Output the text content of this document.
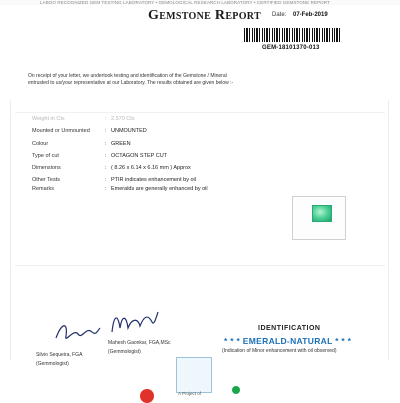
LABOO RECOGNIZED GEM TESTING LABORATORY • GEMOLOGICAL RESEARCH LABORATORY • CERTIFIED GEMSTONE REPORT
Gemstone Report Date: 07-Feb-2019
GEM-18101370-013
On receipt of your letter, we undertook testing and identification of the Gemstone / Mineral
entrusted to us/your representative at our Laboratory. The results obtained are given below :-
Weight in Cts	: 2.570 Cts
Mounted or Unmounted	: UNMOUNTED
Colour	: GREEN
Type of cut	: OCTAGON STEP CUT
Dimensions	: ( 8.26 x 6.14 x 6.16 mm ) Approx
Other Tests	: PTIR indicates enhancement by oil
Remarks	: Emeralds are generally enhanced by oil
IDENTIFICATION
* * * EMERALD-NATURAL * * *
(Indication of Minor enhancement with oil observed)
Silvio Sequeira, FGA
(Gemmologist)
Mahesh Gaonkar, FGA,MSc
(Gemmologist)
A Project of
